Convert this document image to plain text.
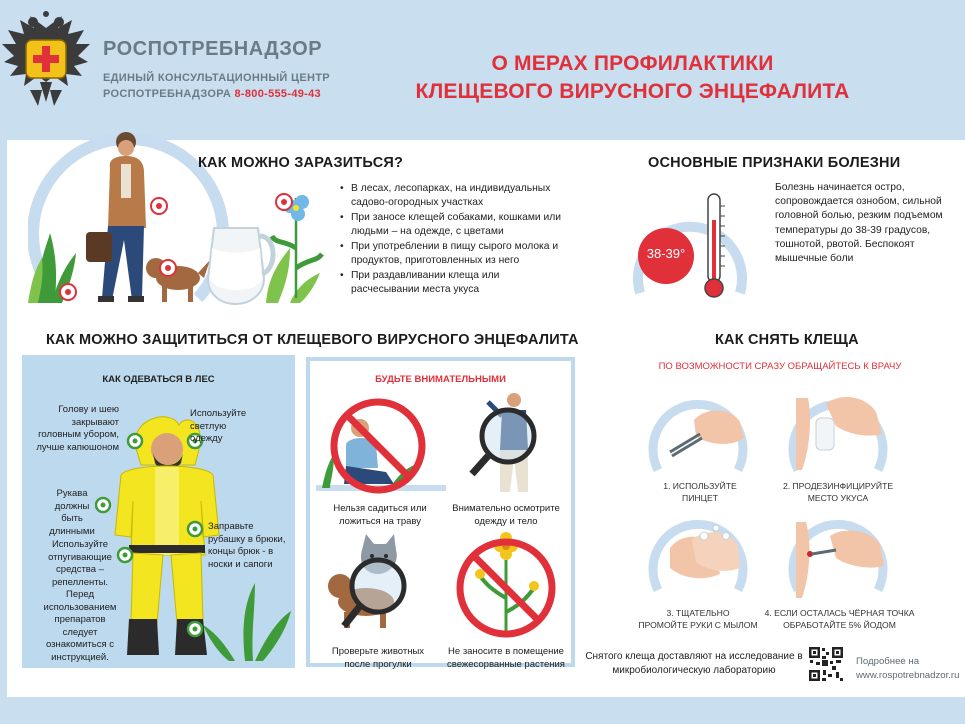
РОСПОТРЕБНАДЗОР
ЕДИНЫЙ КОНСУЛЬТАЦИОННЫЙ ЦЕНТР
РОСПОТРЕБНАДЗОРА 8-800-555-49-43
О МЕРАХ ПРОФИЛАКТИКИ
КЛЕЩЕВОГО ВИРУСНОГО ЭНЦЕФАЛИТА
КАК МОЖНО ЗАРАЗИТЬСЯ?
• В лесах, лесопарках, на индивидуальных садово-огородных участках
• При заносе клещей собаками, кошками или людьми – на одежде, с цветами
• При употреблении в пищу сырого молока и продуктов, приготовленных из него
• При раздавливании клеща или расчесывании места укуса
ОСНОВНЫЕ ПРИЗНАКИ БОЛЕЗНИ
38-39°
Болезнь начинается остро, сопровождается ознобом, сильной головной болью, резким подъемом температуры до 38-39 градусов, тошнотой, рвотой. Беспокоят мышечные боли
КАК МОЖНО ЗАЩИТИТЬСЯ ОТ КЛЕЩЕВОГО ВИРУСНОГО ЭНЦЕФАЛИТА
КАК ОДЕВАТЬСЯ В ЛЕС
Голову и шею закрывают головным убором, лучше капюшоном
Используйте светлую одежду
Рукава должны быть длинными	Заправьте рубашку в брюки, концы брюк - в носки и сапоги
Используйте отпугивающие средства – репелленты. Перед использованием препаратов следует ознакомиться с инструкцией.
БУДЬТЕ ВНИМАТЕЛЬНЫМИ
Нельзя садиться или ложиться на траву
Внимательно осмотрите одежду и тело
Проверьте животных после прогулки
Не заносите в помещение свежесорванные растения
КАК СНЯТЬ КЛЕЩА
ПО ВОЗМОЖНОСТИ СРАЗУ ОБРАЩАЙТЕСЬ К ВРАЧУ
1. ИСПОЛЬЗУЙТЕ
ПИНЦЕТ
2. ПРОДЕЗИНФИЦИРУЙТЕ
МЕСТО УКУСА
3. ТЩАТЕЛЬНО
ПРОМОЙТЕ РУКИ С МЫЛОМ
4. ЕСЛИ ОСТАЛАСЬ ЧЁРНАЯ ТОЧКА
ОБРАБОТАЙТЕ 5% ЙОДОМ
Снятого клеща доставляют на исследование в микробиологическую лабораторию
Подробнее на
www.rospotrebnadzor.ru
